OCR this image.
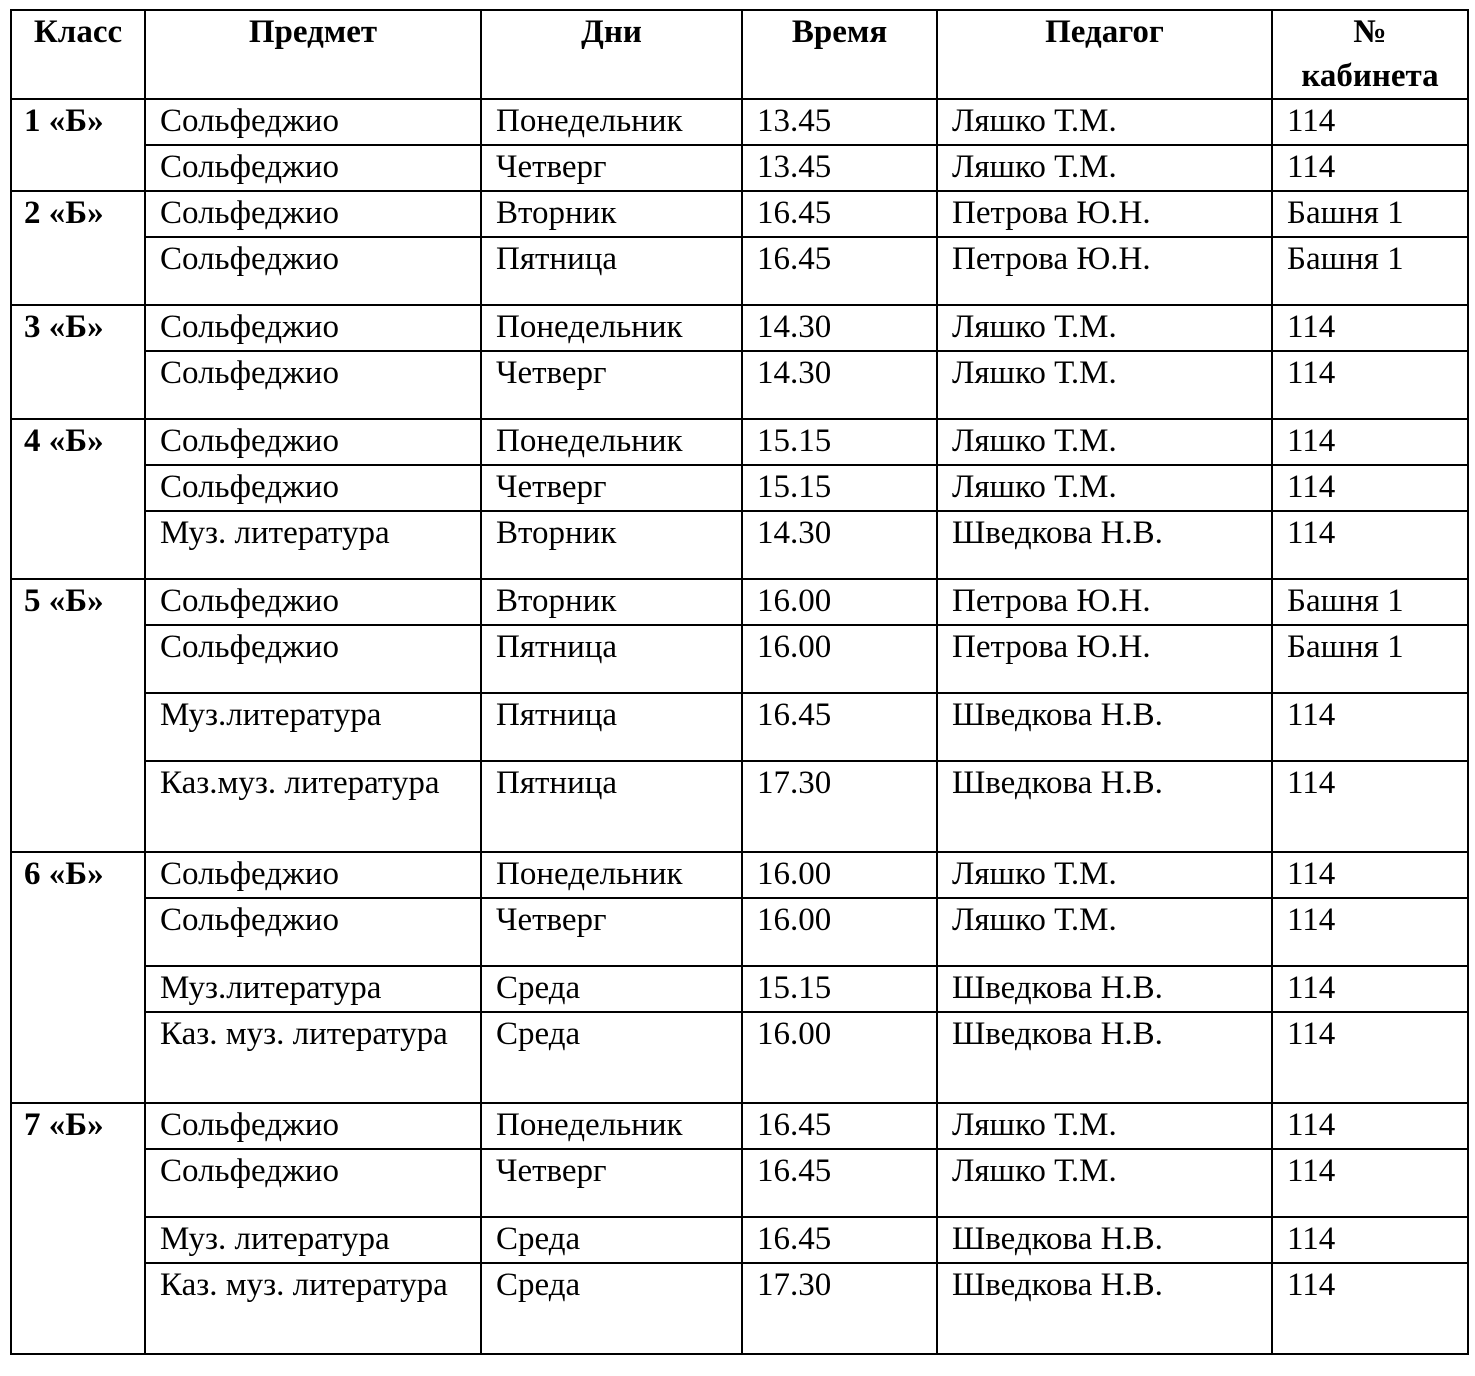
Класс	Предмет	Дни	Время	Педагог	№
кабинета

1 «Б»	Сольфеджио	Понедельник	13.45	Ляшко Т.М.	114
	Сольфеджио	Четверг	13.45	Ляшко Т.М.	114
2 «Б»	Сольфеджио	Вторник	16.45	Петрова Ю.Н.	Башня 1
	Сольфеджио	Пятница	16.45	Петрова Ю.Н.	Башня 1
3 «Б»	Сольфеджио	Понедельник	14.30	Ляшко Т.М.	114
	Сольфеджио	Четверг	14.30	Ляшко Т.М.	114
4 «Б»	Сольфеджио	Понедельник	15.15	Ляшко Т.М.	114
	Сольфеджио	Четверг	15.15	Ляшко Т.М.	114
	Муз. литература	Вторник	14.30	Шведкова Н.В.	114
5 «Б»	Сольфеджио	Вторник	16.00	Петрова Ю.Н.	Башня 1
	Сольфеджио	Пятница	16.00	Петрова Ю.Н.	Башня 1
	Муз.литература	Пятница	16.45	Шведкова Н.В.	114
	Каз.муз. литература	Пятница	17.30	Шведкова Н.В.	114
6 «Б»	Сольфеджио	Понедельник	16.00	Ляшко Т.М.	114
	Сольфеджио	Четверг	16.00	Ляшко Т.М.	114
	Муз.литература	Среда	15.15	Шведкова Н.В.	114
	Каз. муз. литература	Среда	16.00	Шведкова Н.В.	114
7 «Б»	Сольфеджио	Понедельник	16.45	Ляшко Т.М.	114
	Сольфеджио	Четверг	16.45	Ляшко Т.М.	114
	Муз. литература	Среда	16.45	Шведкова Н.В.	114
	Каз. муз. литература	Среда	17.30	Шведкова Н.В.	114
